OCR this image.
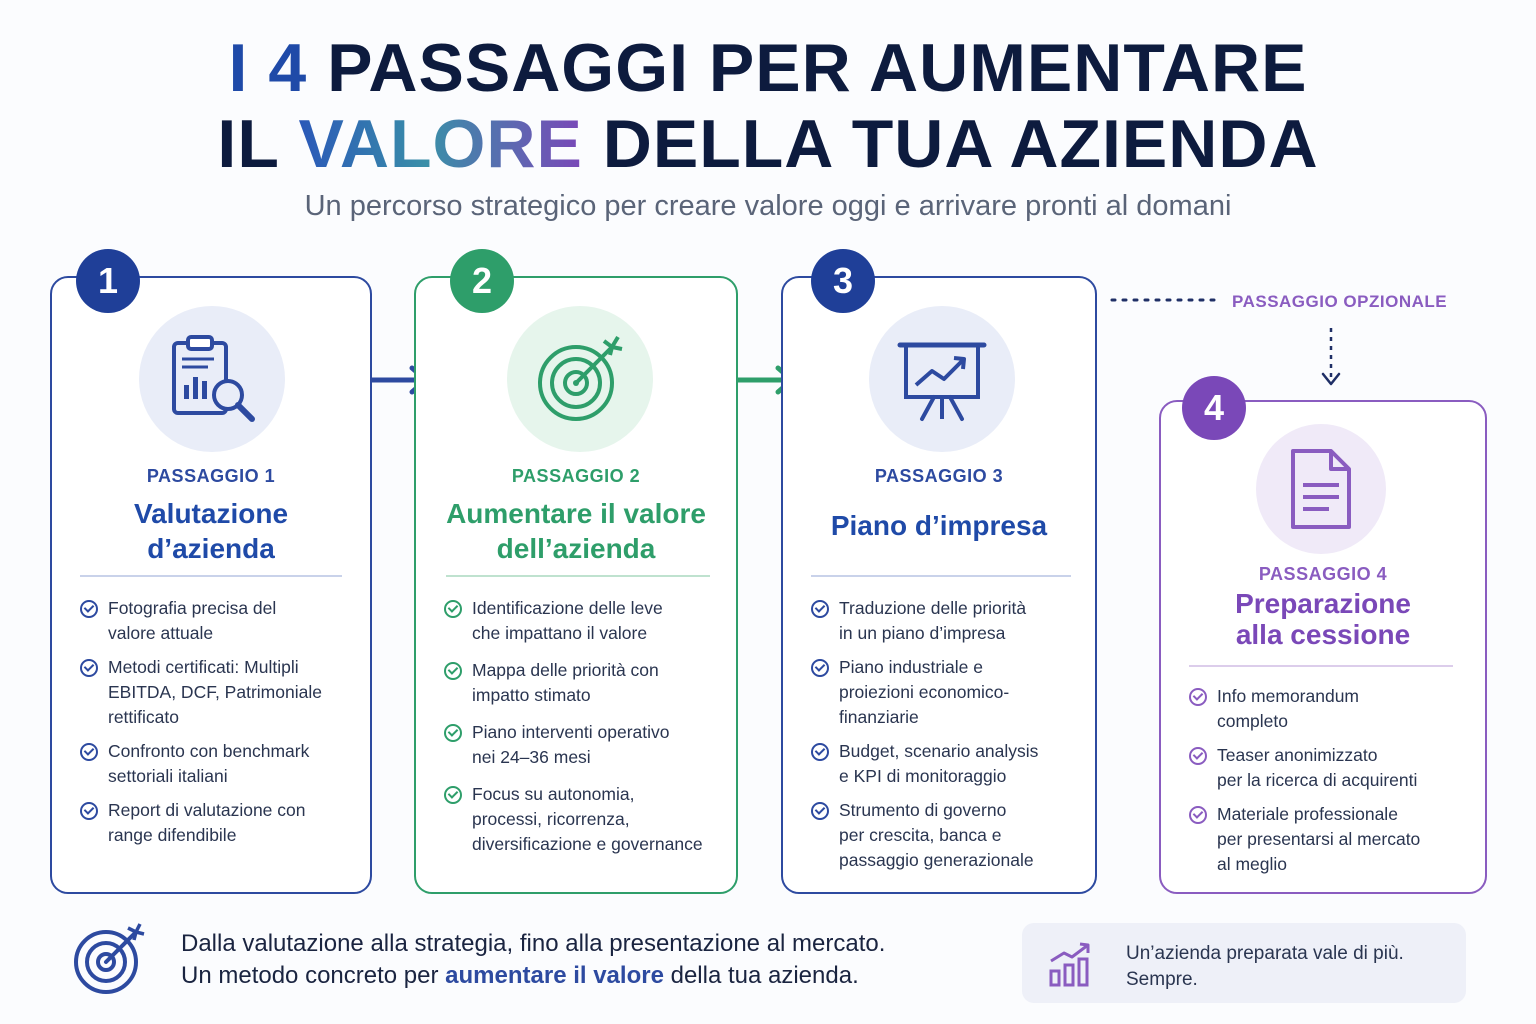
I 4 PASSAGGI PER AUMENTARE
IL VALORE DELLA TUA AZIENDA
Un percorso strategico per creare valore oggi e arrivare pronti al domani
PASSAGGIO OPZIONALE
PASSAGGIO 1
Valutazione
d’azienda
Fotografia precisa del
valore attuale
Metodi certificati: Multipli
EBITDA, DCF, Patrimoniale
rettificato
Confronto con benchmark
settoriali italiani
Report di valutazione con
range difendibile
1
PASSAGGIO 2
Aumentare il valore
dell’azienda
Identificazione delle leve
che impattano il valore
Mappa delle priorità con
impatto stimato
Piano interventi operativo
nei 24–36 mesi
Focus su autonomia,
processi, ricorrenza,
diversificazione e governance
2
PASSAGGIO 3
Piano d’impresa
Traduzione delle priorità
in un piano d’impresa
Piano industriale e
proiezioni economico-
finanziarie
Budget, scenario analysis
e KPI di monitoraggio
Strumento di governo
per crescita, banca e
passaggio generazionale
3
PASSAGGIO 4
Preparazione
alla cessione
Info memorandum
completo
Teaser anonimizzato
per la ricerca di acquirenti
Materiale professionale
per presentarsi al mercato
al meglio
4
Dalla valutazione alla strategia, fino alla presentazione al mercato.
Un metodo concreto per aumentare il valore della tua azienda.
Un’azienda preparata vale di più.
Sempre.
